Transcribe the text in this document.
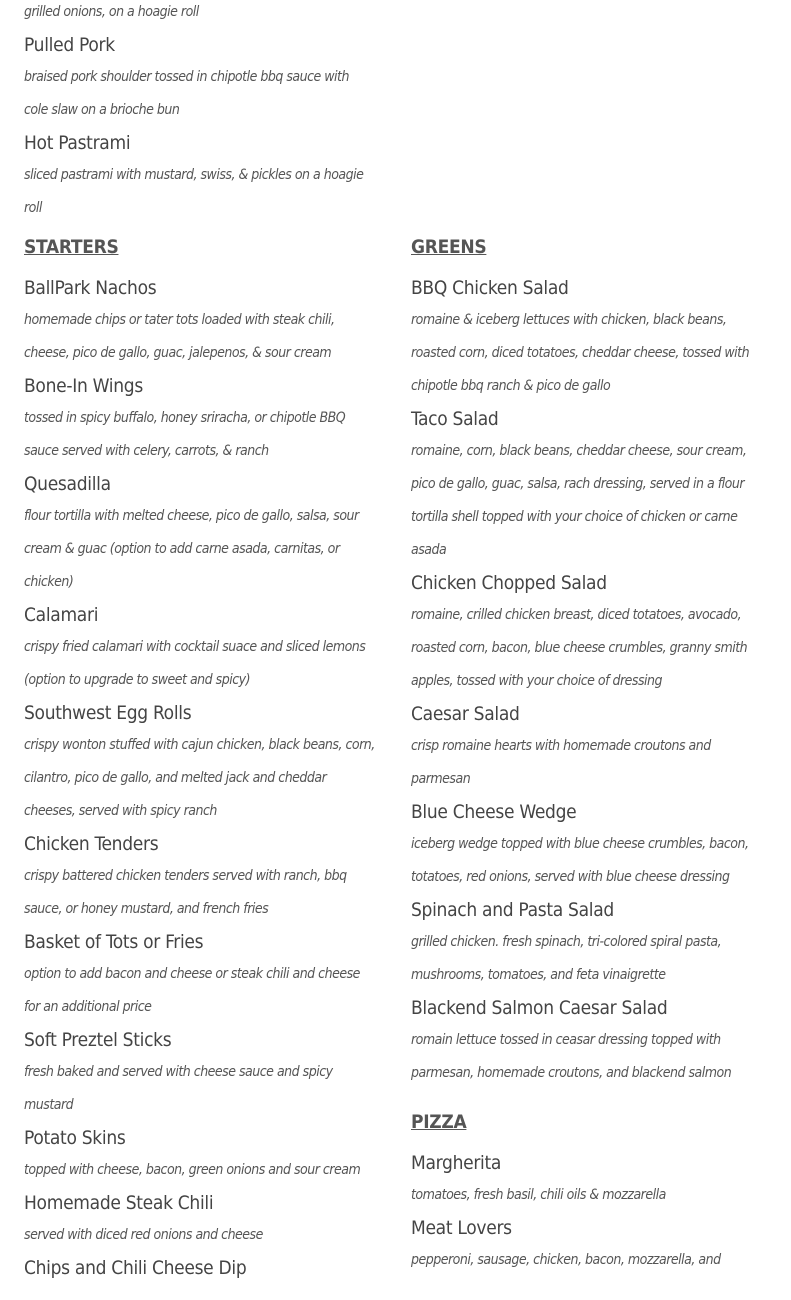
grilled onions, on a hoagie roll
Pulled Pork
braised pork shoulder tossed in chipotle bbq sauce with cole slaw on a brioche bun
Hot Pastrami
sliced pastrami with mustard, swiss, & pickles on a hoagie roll
STARTERS
BallPark Nachos
homemade chips or tater tots loaded with steak chili, cheese, pico de gallo, guac, jalepenos, & sour cream
Bone-In Wings
tossed in spicy buffalo, honey sriracha, or chipotle BBQ sauce served with celery, carrots, & ranch
Quesadilla
flour tortilla with melted cheese, pico de gallo, salsa, sour cream & guac (option to add carne asada, carnitas, or chicken)
Calamari
crispy fried calamari with cocktail suace and sliced lemons (option to upgrade to sweet and spicy)
Southwest Egg Rolls
crispy wonton stuffed with cajun chicken, black beans, corn, cilantro, pico de gallo, and melted jack and cheddar cheeses, served with spicy ranch
Chicken Tenders
crispy battered chicken tenders served with ranch, bbq sauce, or honey mustard, and french fries
Basket of Tots or Fries
option to add bacon and cheese or steak chili and cheese for an additional price
Soft Preztel Sticks
fresh baked and served with cheese sauce and spicy mustard
Potato Skins
topped with cheese, bacon, green onions and sour cream
Homemade Steak Chili
served with diced red onions and cheese
Chips and Chili Cheese Dip
GREENS
BBQ Chicken Salad
romaine & iceberg lettuces with chicken, black beans, roasted corn, diced totatoes, cheddar cheese, tossed with chipotle bbq ranch & pico de gallo
Taco Salad
romaine, corn, black beans, cheddar cheese, sour cream, pico de gallo, guac, salsa, rach dressing, served in a flour tortilla shell topped with your choice of chicken or carne asada
Chicken Chopped Salad
romaine, crilled chicken breast, diced totatoes, avocado, roasted corn, bacon, blue cheese crumbles, granny smith apples, tossed with your choice of dressing
Caesar Salad
crisp romaine hearts with homemade croutons and parmesan
Blue Cheese Wedge
iceberg wedge topped with blue cheese crumbles, bacon, totatoes, red onions, served with blue cheese dressing
Spinach and Pasta Salad
grilled chicken. fresh spinach, tri-colored spiral pasta, mushrooms, tomatoes, and feta vinaigrette
Blackend Salmon Caesar Salad
romain lettuce tossed in ceasar dressing topped with parmesan, homemade croutons, and blackend salmon
PIZZA
Margherita
tomatoes, fresh basil, chili oils & mozzarella
Meat Lovers
pepperoni, sausage, chicken, bacon, mozzarella, and
